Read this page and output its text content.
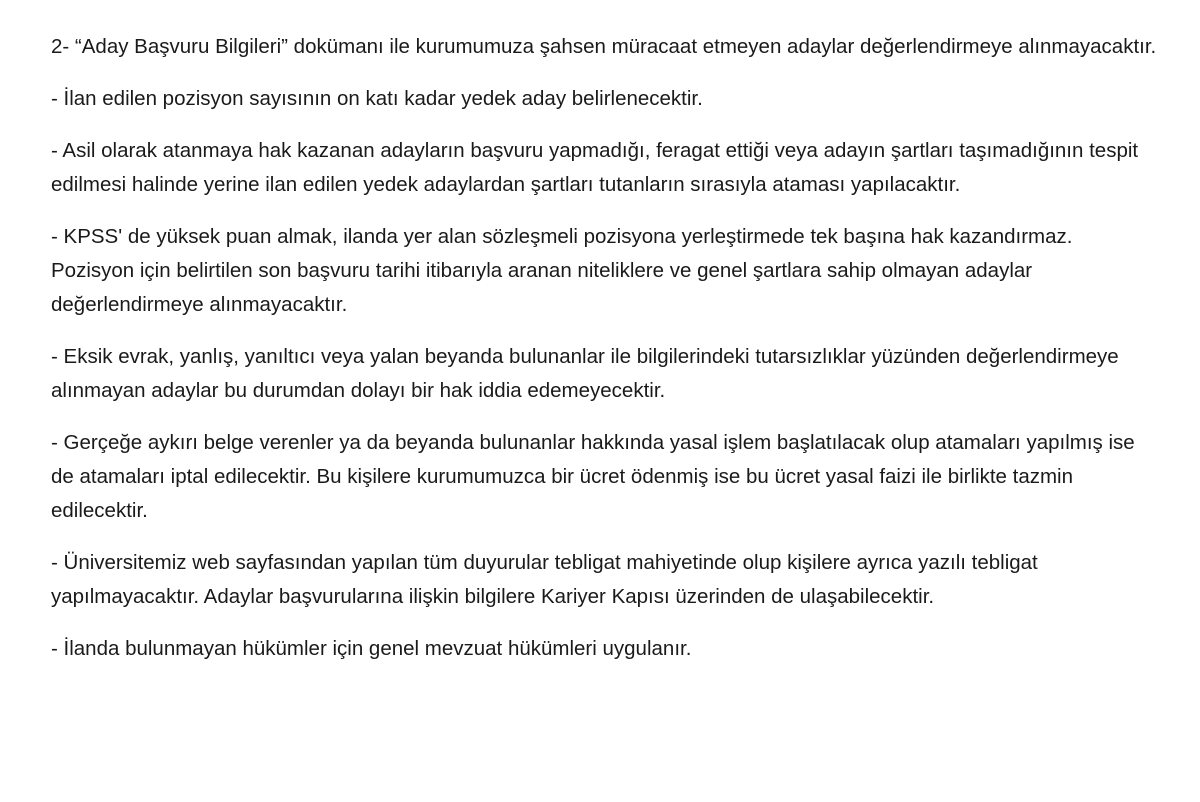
2- “Aday Başvuru Bilgileri” dokümanı ile kurumumuza şahsen müracaat etmeyen adaylar değerlendirmeye alınmayacaktır.

- İlan edilen pozisyon sayısının on katı kadar yedek aday belirlenecektir.

- Asil olarak atanmaya hak kazanan adayların başvuru yapmadığı, feragat ettiği veya adayın şartları taşımadığının tespit edilmesi halinde yerine ilan edilen yedek adaylardan şartları tutanların sırasıyla ataması yapılacaktır.

- KPSS' de yüksek puan almak, ilanda yer alan sözleşmeli pozisyona yerleştirmede tek başına hak kazandırmaz. Pozisyon için belirtilen son başvuru tarihi itibarıyla aranan niteliklere ve genel şartlara sahip olmayan adaylar değerlendirmeye alınmayacaktır.

- Eksik evrak, yanlış, yanıltıcı veya yalan beyanda bulunanlar ile bilgilerindeki tutarsızlıklar yüzünden değerlendirmeye alınmayan adaylar bu durumdan dolayı bir hak iddia edemeyecektir.

- Gerçeğe aykırı belge verenler ya da beyanda bulunanlar hakkında yasal işlem başlatılacak olup atamaları yapılmış ise de atamaları iptal edilecektir. Bu kişilere kurumumuzca bir ücret ödenmiş ise bu ücret yasal faizi ile birlikte tazmin edilecektir.

- Üniversitemiz web sayfasından yapılan tüm duyurular tebligat mahiyetinde olup kişilere ayrıca yazılı tebligat yapılmayacaktır. Adaylar başvurularına ilişkin bilgilere Kariyer Kapısı üzerinden de ulaşabilecektir.

- İlanda bulunmayan hükümler için genel mevzuat hükümleri uygulanır.
